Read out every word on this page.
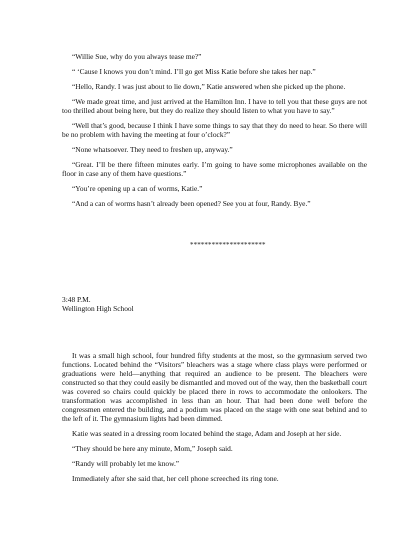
“Willie Sue, why do you always tease me?”

“ ‘Cause I knows you don’t mind. I’ll go get Miss Katie before she takes her nap.”

“Hello, Randy. I was just about to lie down,” Katie answered when she picked up the phone.

“We made great time, and just arrived at the Hamilton Inn. I have to tell you that these guys are not too thrilled about being here, but they do realize they should listen to what you have to say.”

“Well that’s good, because I think I have some things to say that they do need to hear. So there will be no problem with having the meeting at four o’clock?”

“None whatsoever. They need to freshen up, anyway.”

“Great. I’ll be there fifteen minutes early. I’m going to have some microphones available on the floor in case any of them have questions.”

“You’re opening up a can of worms, Katie.”

“And a can of worms hasn’t already been opened? See you at four, Randy. Bye.”

*********************

3:48 P.M.

Wellington High School

It was a small high school, four hundred fifty students at the most, so the gymnasium served two functions. Located behind the “Visitors” bleachers was a stage where class plays were performed or graduations were held—anything that required an audience to be present. The bleachers were constructed so that they could easily be dismantled and moved out of the way, then the basketball court was covered so chairs could quickly be placed there in rows to accommodate the onlookers. The transformation was accomplished in less than an hour. That had been done well before the congressmen entered the building, and a podium was placed on the stage with one seat behind and to the left of it. The gymnasium lights had been dimmed.

Katie was seated in a dressing room located behind the stage, Adam and Joseph at her side.

“They should be here any minute, Mom,” Joseph said.

“Randy will probably let me know.”

Immediately after she said that, her cell phone screeched its ring tone.
